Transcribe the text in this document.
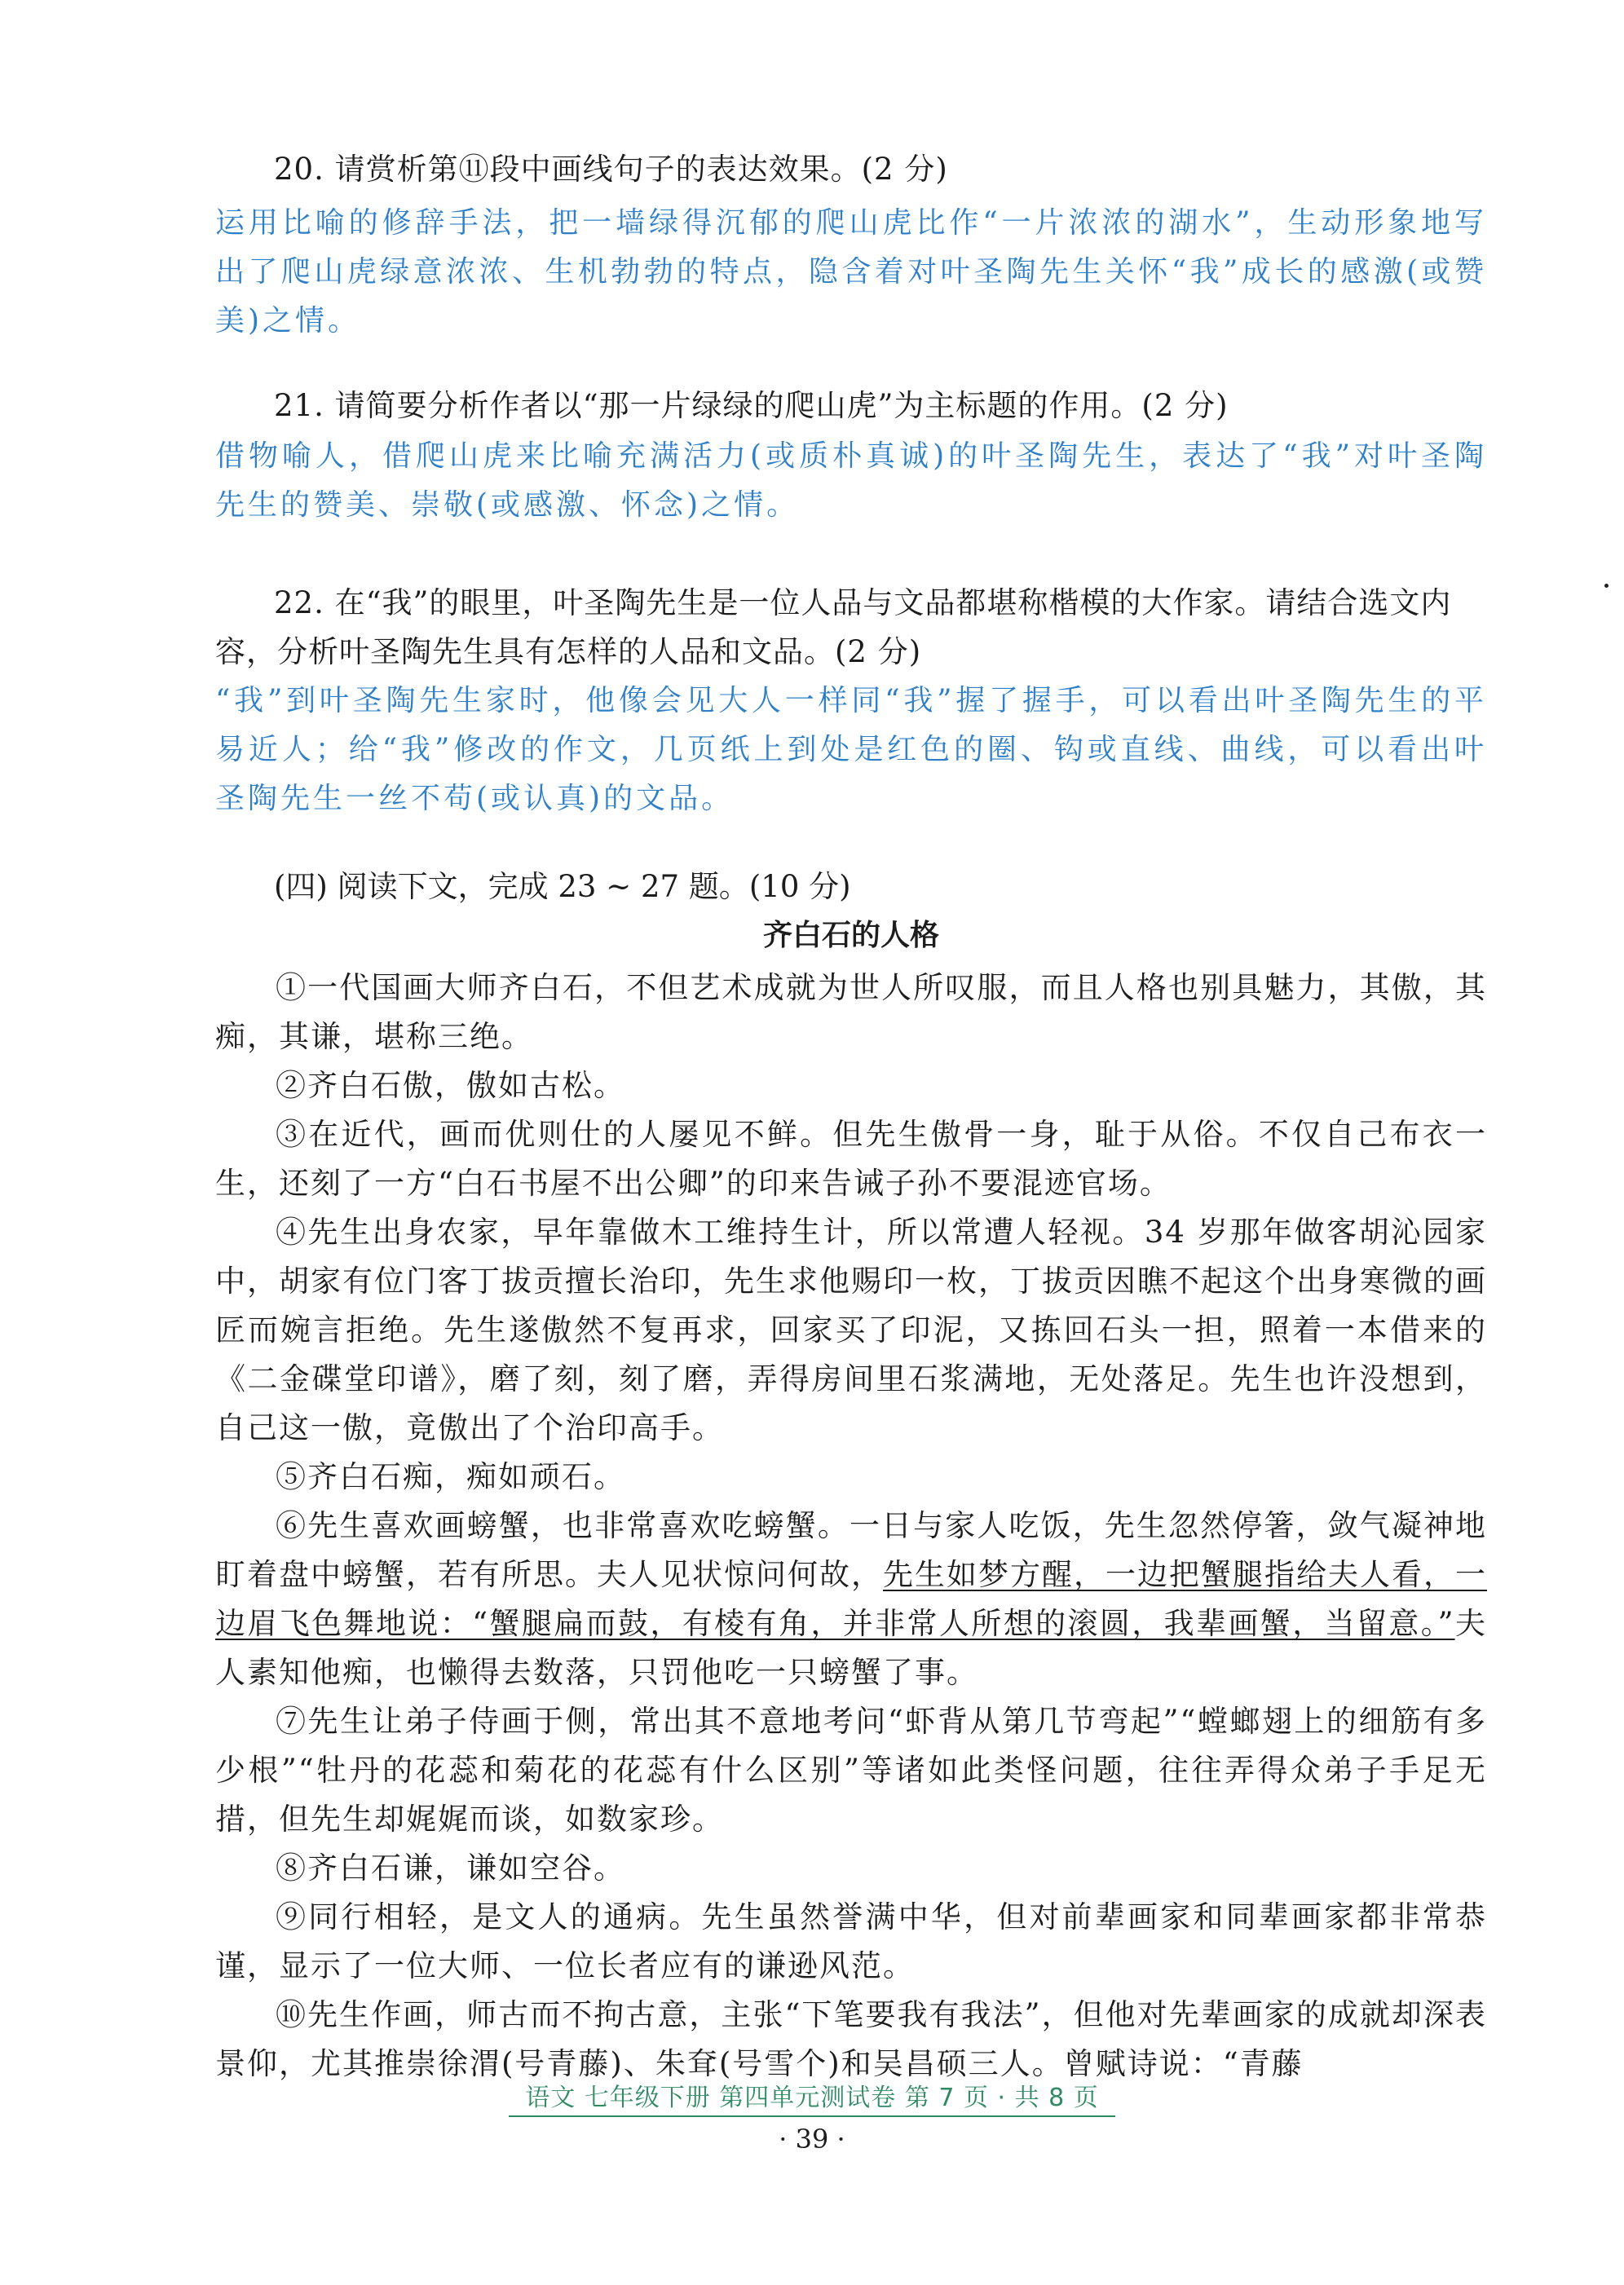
20. 请赏析第⑪段中画线句子的表达效果。(2 分)

运用比喻的修辞手法，把一墙绿得沉郁的爬山虎比作“一片浓浓的湖水”，生动形象地写出了爬山虎绿意浓浓、生机勃勃的特点，隐含着对叶圣陶先生关怀“我”成长的感激(或赞美)之情。

21. 请简要分析作者以“那一片绿绿的爬山虎”为主标题的作用。(2 分)

借物喻人，借爬山虎来比喻充满活力(或质朴真诚)的叶圣陶先生，表达了“我”对叶圣陶先生的赞美、崇敬(或感激、怀念)之情。

22. 在“我”的眼里，叶圣陶先生是一位人品与文品都堪称楷模的大作家。请结合选文内容，分析叶圣陶先生具有怎样的人品和文品。(2 分)

“我”到叶圣陶先生家时，他像会见大人一样同“我”握了握手，可以看出叶圣陶先生的平易近人；给“我”修改的作文，几页纸上到处是红色的圈、钩或直线、曲线，可以看出叶圣陶先生一丝不苟(或认真)的文品。

(四) 阅读下文，完成 23 ~ 27 题。(10 分)

齐白石的人格

①一代国画大师齐白石，不但艺术成就为世人所叹服，而且人格也别具魅力，其傲，其痴，其谦，堪称三绝。

②齐白石傲，傲如古松。

③在近代，画而优则仕的人屡见不鲜。但先生傲骨一身，耻于从俗。不仅自己布衣一生，还刻了一方“白石书屋不出公卿”的印来告诫子孙不要混迹官场。

④先生出身农家，早年靠做木工维持生计，所以常遭人轻视。34 岁那年做客胡沁园家中，胡家有位门客丁拔贡擅长治印，先生求他赐印一枚，丁拔贡因瞧不起这个出身寒微的画匠而婉言拒绝。先生遂傲然不复再求，回家买了印泥，又拣回石头一担，照着一本借来的《二金碟堂印谱》，磨了刻，刻了磨，弄得房间里石浆满地，无处落足。先生也许没想到，自己这一傲，竟傲出了个治印高手。

⑤齐白石痴，痴如顽石。

⑥先生喜欢画螃蟹，也非常喜欢吃螃蟹。一日与家人吃饭，先生忽然停箸，敛气凝神地盯着盘中螃蟹，若有所思。夫人见状惊问何故，先生如梦方醒，一边把蟹腿指给夫人看，一边眉飞色舞地说：“蟹腿扁而鼓，有棱有角，并非常人所想的滚圆，我辈画蟹，当留意。”夫人素知他痴，也懒得去数落，只罚他吃一只螃蟹了事。

⑦先生让弟子侍画于侧，常出其不意地考问“虾背从第几节弯起”“螳螂翅上的细筋有多少根”“牡丹的花蕊和菊花的花蕊有什么区别”等诸如此类怪问题，往往弄得众弟子手足无措，但先生却娓娓而谈，如数家珍。

⑧齐白石谦，谦如空谷。

⑨同行相轻，是文人的通病。先生虽然誉满中华，但对前辈画家和同辈画家都非常恭谨，显示了一位大师、一位长者应有的谦逊风范。

⑩先生作画，师古而不拘古意，主张“下笔要我有我法”，但他对先辈画家的成就却深表景仰，尤其推崇徐渭(号青藤)、朱耷(号雪个)和吴昌硕三人。曾赋诗说：“青藤

语文 七年级下册 第四单元测试卷 第 7 页 · 共 8 页
· 39 ·
